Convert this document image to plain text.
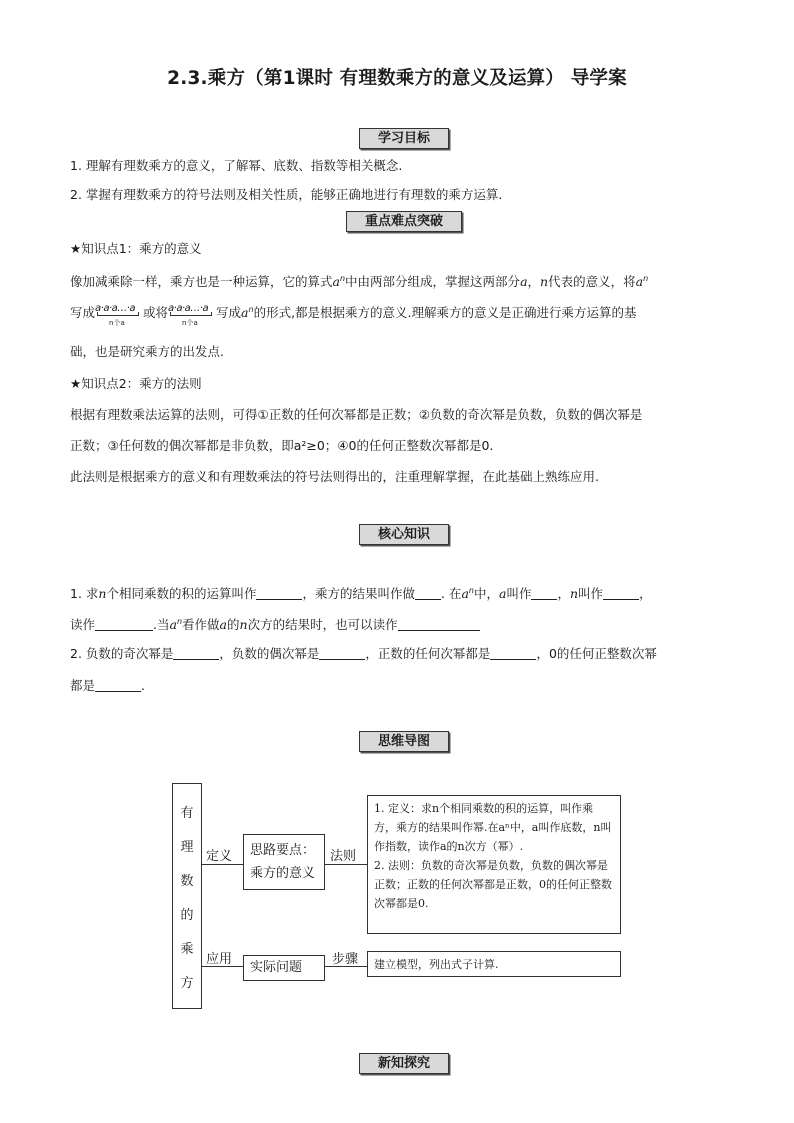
2.3.乘方（第1课时 有理数乘方的意义及运算） 导学案
学习目标
1. 理解有理数乘方的意义，了解幂、底数、指数等相关概念.
2. 掌握有理数乘方的符号法则及相关性质，能够正确地进行有理数的乘方运算.
重点难点突破
★知识点1：乘方的意义
像加减乘除一样，乘方也是一种运算，它的算式$a^n$中由两部分组成，掌握这两部分a，n代表的意义，将$a^n$
写成 a·a·a…·a
n个a
或将 a·a·a…·a
n个a
写成$a^n$的形式,都是根据乘方的意义.理解乘方的意义是正确进行乘方运算的基
础，也是研究乘方的出发点.
★知识点2：乘方的法则
根据有理数乘法运算的法则，可得①正数的任何次幂都是正数；②负数的奇次幂是负数，负数的偶次幂是
正数；③任何数的偶次幂都是非负数，即a²≥0；④0的任何正整数次幂都是0.
此法则是根据乘方的意义和有理数乘法的符号法则得出的，注重理解掌握，在此基础上熟练应用.
核心知识
1. 求n个相同乘数的积的运算叫作	，乘方的结果叫作做 . 在$a^n$中，a叫作 ，n叫作	，
读作	.当$a^n$看作做a的n次方的结果时，也可以读作
2. 负数的奇次幂是	，负数的偶次幂是	，正数的任何次幂都是	，0的任何正整数次幂
都是	.
思维导图
有
理
数
的
乘
方
定义
应用
法则
步骤
思路要点：
乘方的意义
实际问题
1. 定义：求n个相同乘数的积的运算，叫作乘方，乘方的结果叫作幂.在aⁿ中，a叫作底数，n叫作指数，读作a的n次方（幂）.
2. 法则：负数的奇次幂是负数，负数的偶次幂是正数；正数的任何次幂都是正数，0的任何正整数次幂都是0.
建立模型，列出式子计算.
新知探究
